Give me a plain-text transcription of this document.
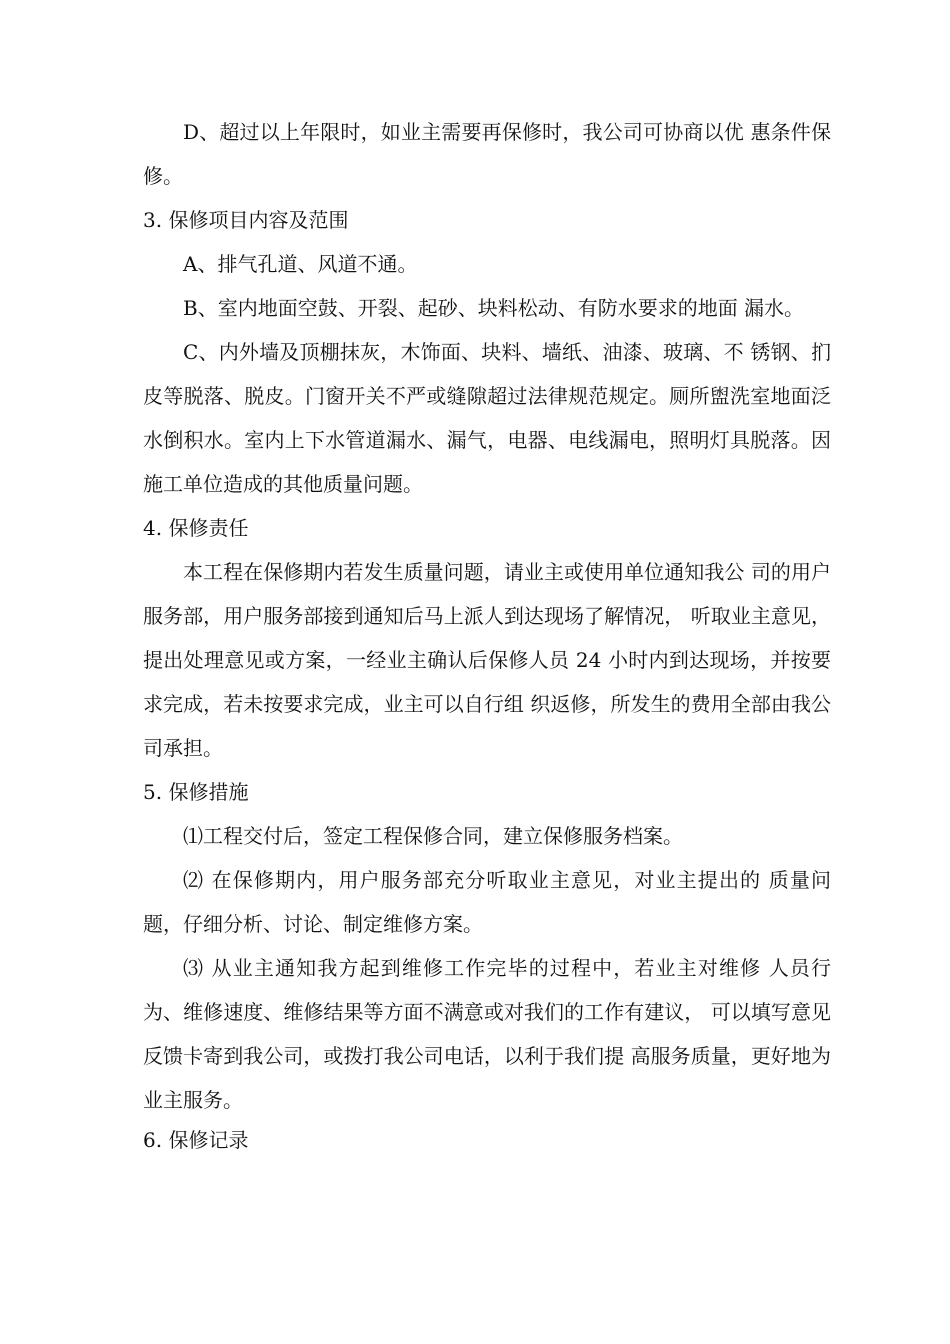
D、超过以上年限时，如业主需要再保修时，我公司可协商以优 惠条件保修。

3. 保修项目内容及范围

A、排气孔道、风道不通。

B、室内地面空鼓、开裂、起砂、块料松动、有防水要求的地面 漏水。

C、内外墙及顶棚抹灰，木饰面、块料、墙纸、油漆、玻璃、不 锈钢、扪皮等脱落、脱皮。门窗开关不严或缝隙超过法律规范规定。厕所盥洗室地面泛水倒积水。室内上下水管道漏水、漏气，电器、电线漏电，照明灯具脱落。因施工单位造成的其他质量问题。

4. 保修责任

本工程在保修期内若发生质量问题，请业主或使用单位通知我公 司的用户服务部，用户服务部接到通知后马上派人到达现场了解情况， 听取业主意见，提出处理意见或方案，一经业主确认后保修人员 24 小时内到达现场，并按要求完成，若未按要求完成，业主可以自行组 织返修，所发生的费用全部由我公司承担。

5. 保修措施

⑴工程交付后，签定工程保修合同，建立保修服务档案。

⑵ 在保修期内，用户服务部充分听取业主意见，对业主提出的 质量问题，仔细分析、讨论、制定维修方案。

⑶ 从业主通知我方起到维修工作完毕的过程中，若业主对维修 人员行为、维修速度、维修结果等方面不满意或对我们的工作有建议， 可以填写意见反馈卡寄到我公司，或拨打我公司电话，以利于我们提 高服务质量，更好地为业主服务。

6. 保修记录
